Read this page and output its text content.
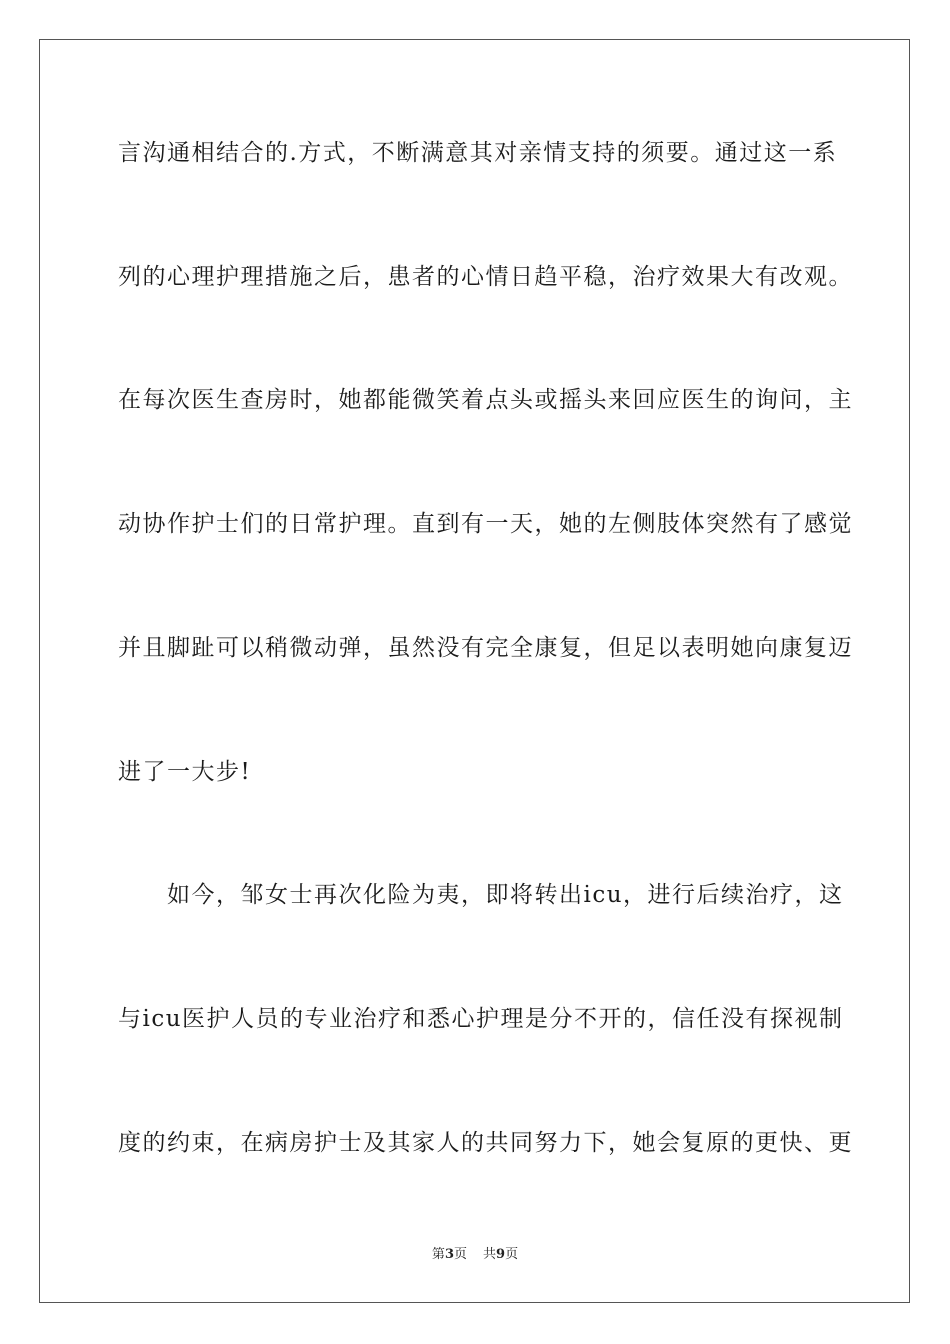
言沟通相结合的.方式，不断满意其对亲情支持的须要。通过这一系
列的心理护理措施之后，患者的心情日趋平稳，治疗效果大有改观。
在每次医生查房时，她都能微笑着点头或摇头来回应医生的询问，主
动协作护士们的日常护理。直到有一天，她的左侧肢体突然有了感觉
并且脚趾可以稍微动弹，虽然没有完全康复，但足以表明她向康复迈
进了一大步!
　　如今，邹女士再次化险为夷，即将转出icu，进行后续治疗，这
与icu医护人员的专业治疗和悉心护理是分不开的，信任没有探视制
度的约束，在病房护士及其家人的共同努力下，她会复原的更快、更
第3页 共9页
